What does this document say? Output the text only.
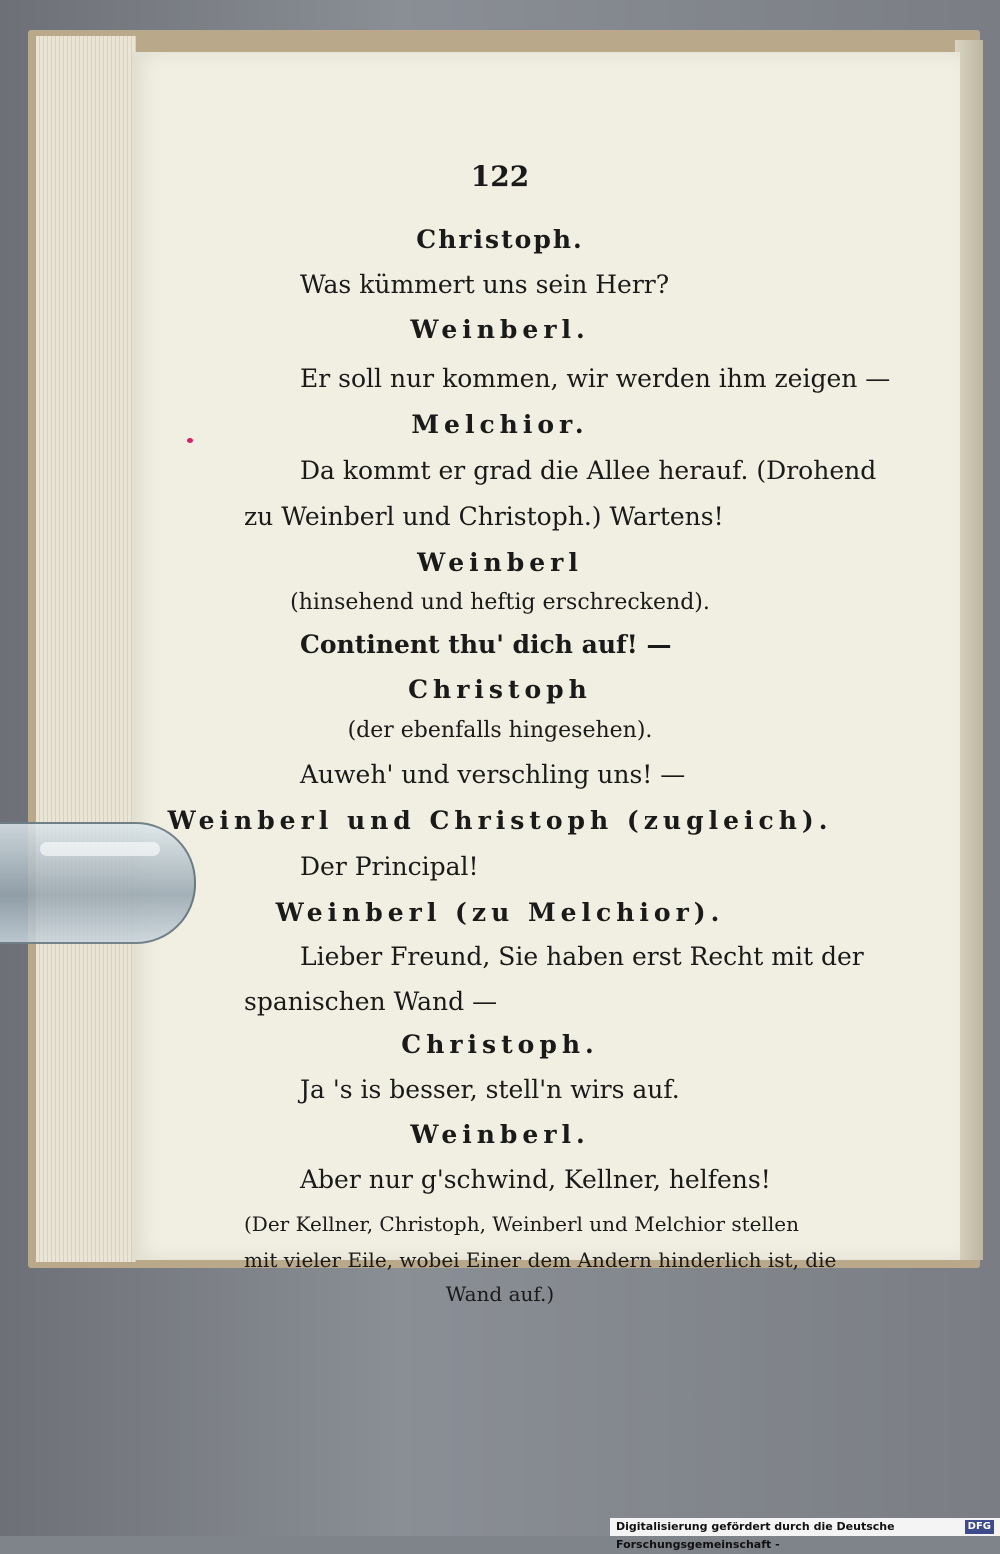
122
Christoph.
Was kümmert uns sein Herr?
Weinberl.
Er soll nur kommen, wir werden ihm zeigen —
Melchior.
Da kommt er grad die Allee herauf. (Drohend
zu Weinberl und Christoph.) Wartens!
Weinberl
(hinsehend und heftig erschreckend).
Continent thu' dich auf! —
Christoph
(der ebenfalls hingesehen).
Auweh' und verschling uns! —
Weinberl und Christoph (zugleich).
Der Principal!
Weinberl (zu Melchior).
Lieber Freund, Sie haben erst Recht mit der
spanischen Wand —
Christoph.
Ja 's is besser, stell'n wirs auf.
Weinberl.
Aber nur g'schwind, Kellner, helfens!
(Der Kellner, Christoph, Weinberl und Melchior stellen
mit vieler Eile, wobei Einer dem Andern hinderlich ist, die
Wand auf.)
Digitalisierung gefördert durch die Deutsche Forschungsgemeinschaft -
DFG
